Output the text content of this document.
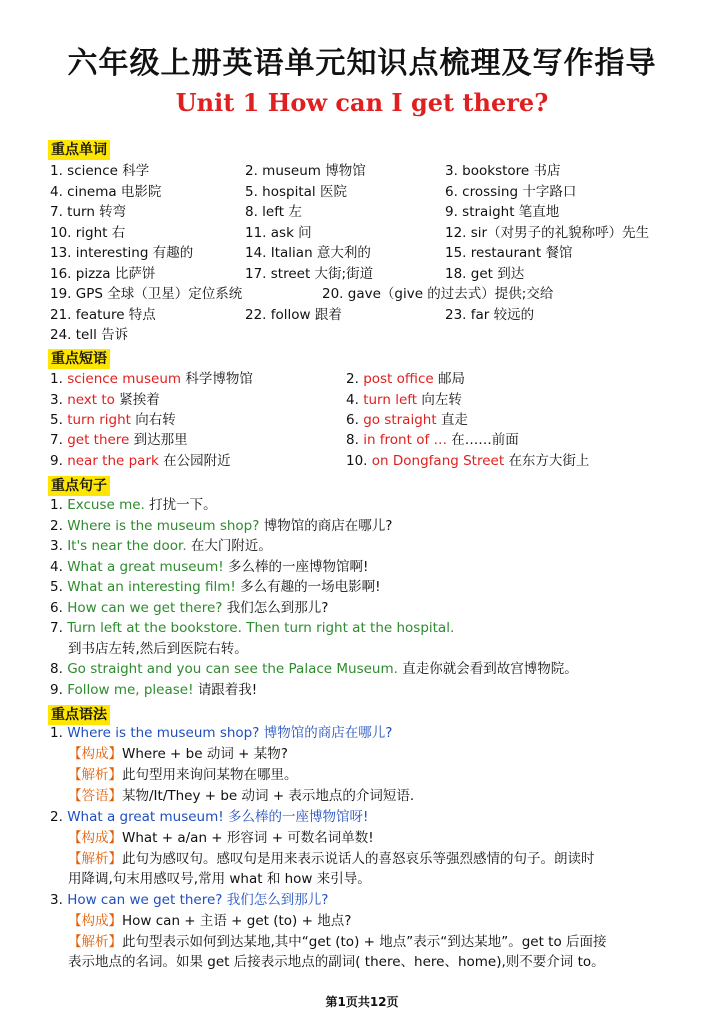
六年级上册英语单元知识点梳理及写作指导
Unit 1 How can I get there?
重点单词
1. science 科学	2. museum 博物馆	3. bookstore 书店
4. cinema 电影院	5. hospital 医院	6. crossing 十字路口
7. turn 转弯	8. left 左	9. straight 笔直地
10. right 右	11. ask 问	12. sir（对男子的礼貌称呼）先生
13. interesting 有趣的	14. Italian 意大利的	15. restaurant 餐馆
16. pizza 比萨饼	17. street 大街;街道	18. get 到达
19. GPS 全球（卫星）定位系统	20. gave（give 的过去式）提供;交给
21. feature 特点	22. follow 跟着	23. far 较远的
24. tell 告诉
重点短语
1. science museum 科学博物馆	2. post office 邮局
3. next to 紧挨着	4. turn left 向左转
5. turn right 向右转	6. go straight 直走
7. get there 到达那里	8. in front of … 在……前面
9. near the park 在公园附近	10. on Dongfang Street 在东方大街上
重点句子
1. Excuse me. 打扰一下。
2. Where is the museum shop? 博物馆的商店在哪儿?
3. It's near the door. 在大门附近。
4. What a great museum! 多么棒的一座博物馆啊!
5. What an interesting film! 多么有趣的一场电影啊!
6. How can we get there? 我们怎么到那儿?
到书店左转,然后到医院右转。
7. Turn left at the bookstore. Then turn right at the hospital.
8. Go straight and you can see the Palace Museum. 直走你就会看到故宫博物院。
9. Follow me, please! 请跟着我!
重点语法
1. Where is the museum shop? 博物馆的商店在哪儿?
【构成】Where + be 动词 + 某物?
【解析】此句型用来询问某物在哪里。
【答语】某物/It/They + be 动词 + 表示地点的介词短语.
2. What a great museum! 多么棒的一座博物馆呀!
【构成】What + a/an + 形容词 + 可数名词单数!
【解析】此句为感叹句。感叹句是用来表示说话人的喜怒哀乐等强烈感情的句子。朗读时
用降调,句末用感叹号,常用 what 和 how 来引导。
3. How can we get there? 我们怎么到那儿?
【构成】How can + 主语 + get (to) + 地点?
【解析】此句型表示如何到达某地,其中“get (to) + 地点”表示“到达某地”。get to 后面接
表示地点的名词。如果 get 后接表示地点的副词( there、here、home),则不要介词 to。
第1页共12页
